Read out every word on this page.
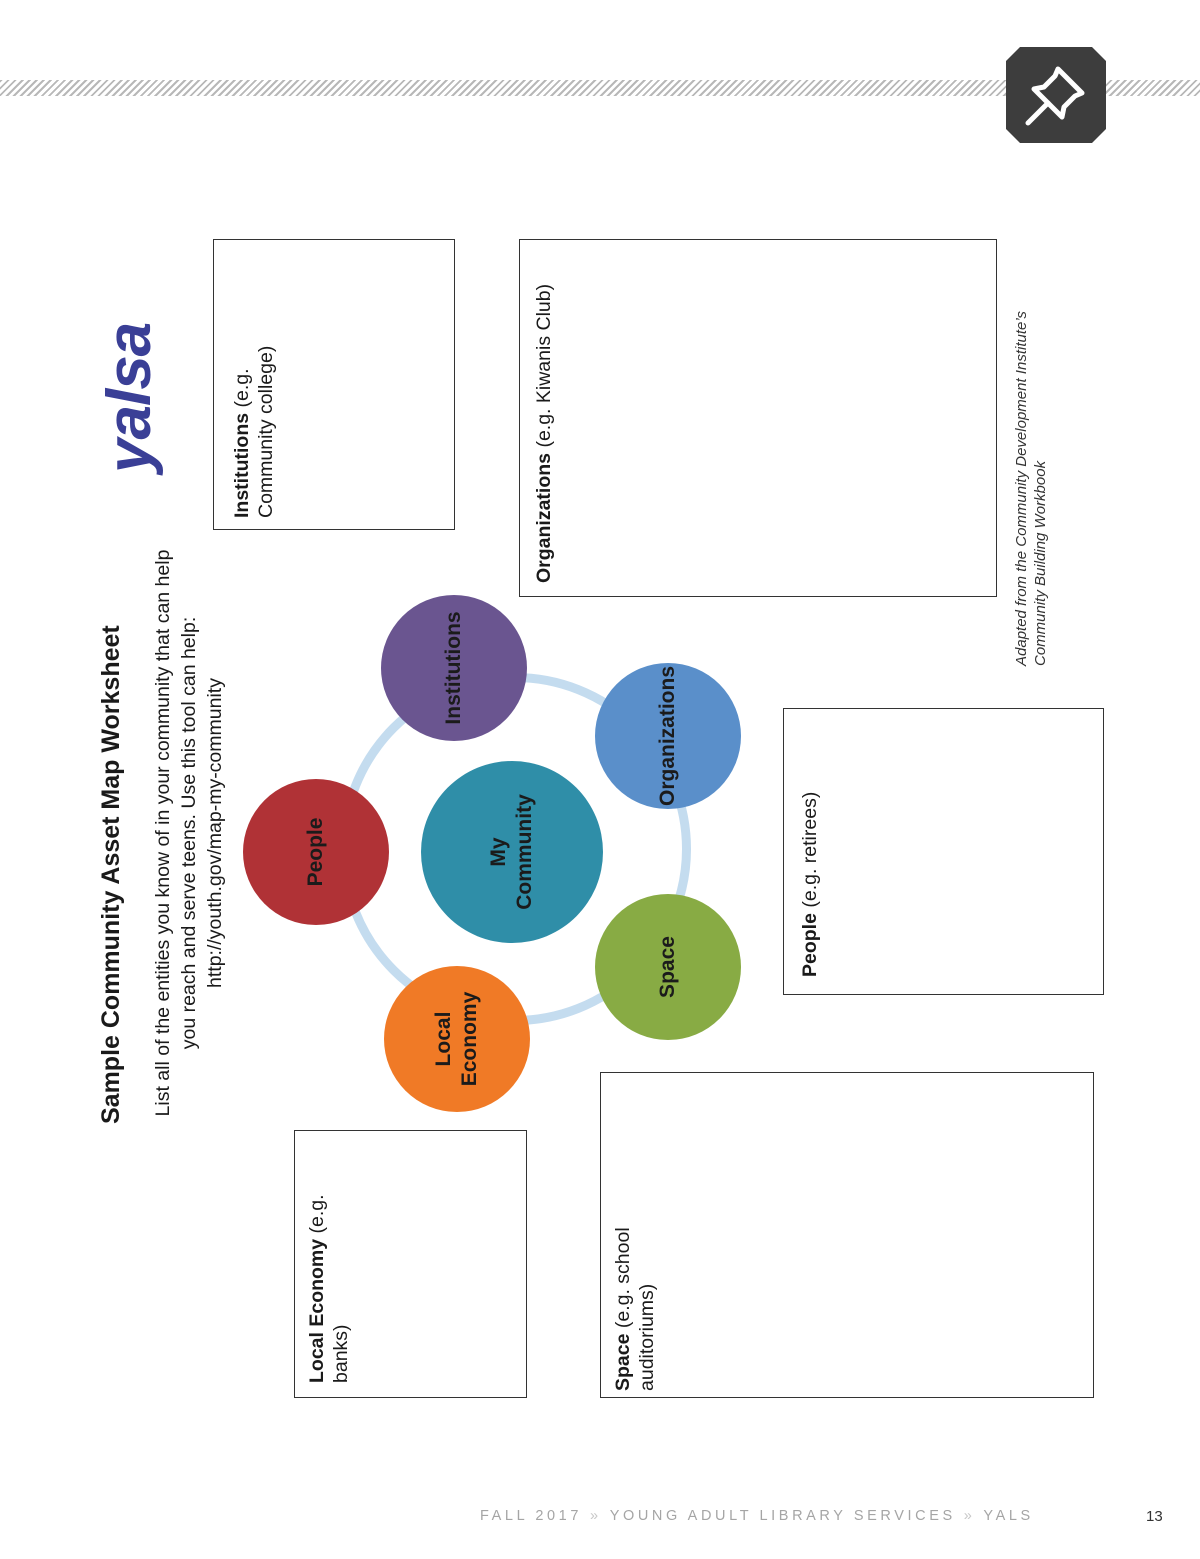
Sample Community Asset Map Worksheet List all of the entities you know of in your community that can help you reach and serve teens. Use this tool can help: http://youth.gov/map-my-community
yalsa	Institutions (e.g. Community college)	Organizations (e.g. Kiwanis Club)
People (e.g. retirees)
Local Economy (e.g.
banks)	Space (e.g. school
auditoriums)
My Community
Institutions
People
Organizations
Space
Local Economy
Adapted from the Community Development Institute’s Community Building Workbook
FALL 2017 » YOUNG ADULT LIBRARY SERVICES » YALS	13
